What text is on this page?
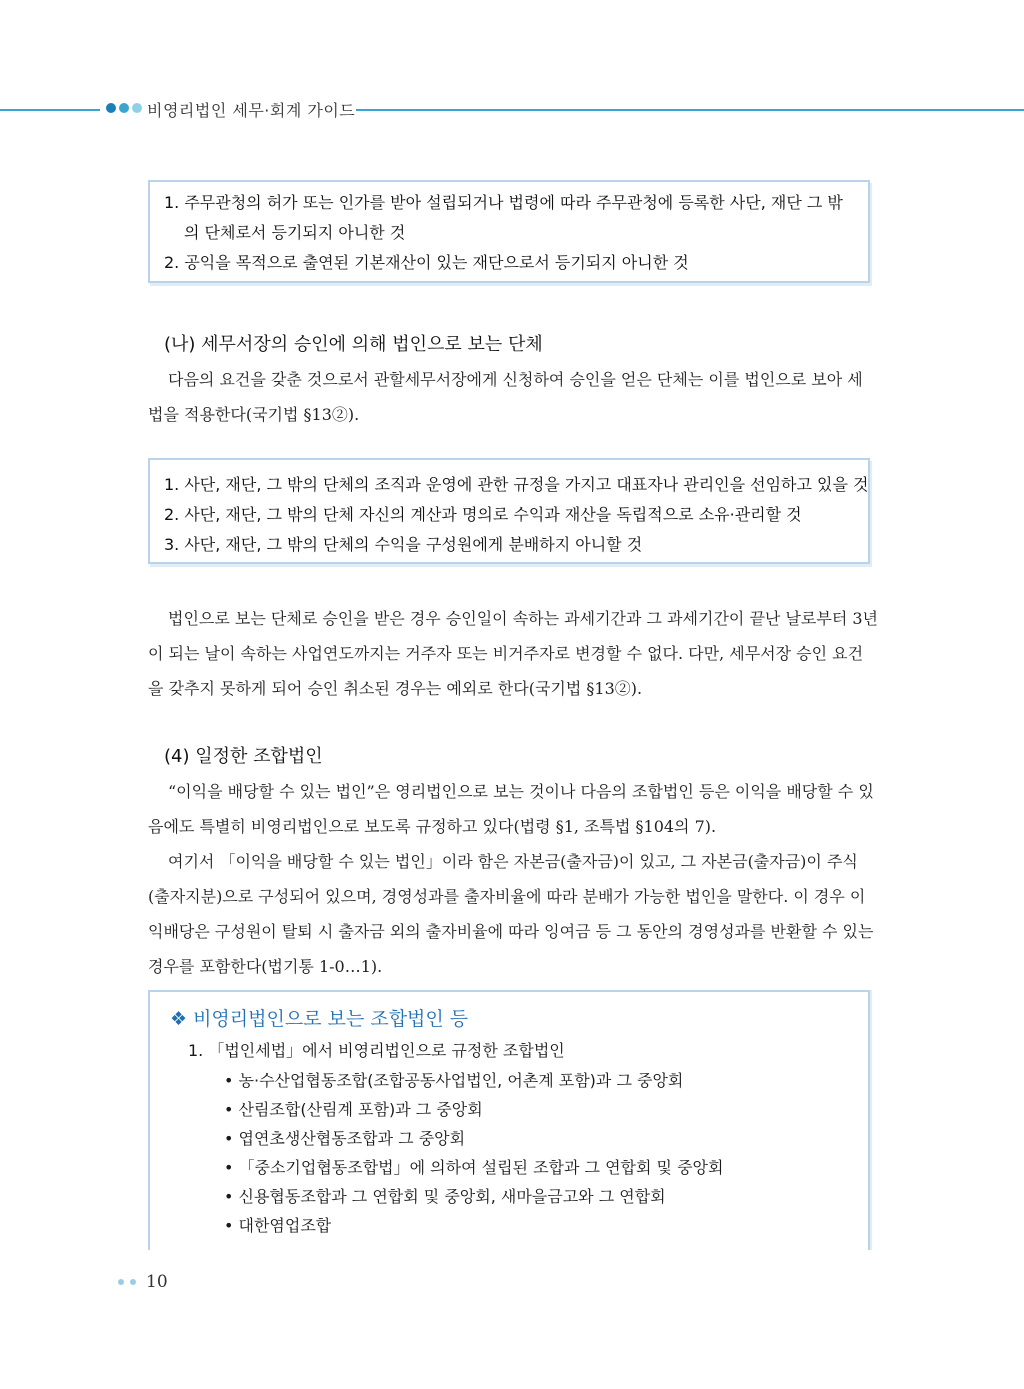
비영리법인 세무·회계 가이드
1. 주무관청의 허가 또는 인가를 받아 설립되거나 법령에 따라 주무관청에 등록한 사단, 재단 그 밖
의 단체로서 등기되지 아니한 것
2. 공익을 목적으로 출연된 기본재산이 있는 재단으로서 등기되지 아니한 것
(나) 세무서장의 승인에 의해 법인으로 보는 단체

다음의 요건을 갖춘 것으로서 관할세무서장에게 신청하여 승인을 얻은 단체는 이를 법인으로 보아 세법을 적용한다(국기법 §13②).

1. 사단, 재단, 그 밖의 단체의 조직과 운영에 관한 규정을 가지고 대표자나 관리인을 선임하고 있을 것
2. 사단, 재단, 그 밖의 단체 자신의 계산과 명의로 수익과 재산을 독립적으로 소유·관리할 것
3. 사단, 재단, 그 밖의 단체의 수익을 구성원에게 분배하지 아니할 것

법인으로 보는 단체로 승인을 받은 경우 승인일이 속하는 과세기간과 그 과세기간이 끝난 날로부터 3년이 되는 날이 속하는 사업연도까지는 거주자 또는 비거주자로 변경할 수 없다. 다만, 세무서장 승인 요건을 갖추지 못하게 되어 승인 취소된 경우는 예외로 한다(국기법 §13②).

(4) 일정한 조합법인

“이익을 배당할 수 있는 법인”은 영리법인으로 보는 것이나 다음의 조합법인 등은 이익을 배당할 수 있음에도 특별히 비영리법인으로 보도록 규정하고 있다(법령 §1, 조특법 §104의 7).

여기서 「이익을 배당할 수 있는 법인」이라 함은 자본금(출자금)이 있고, 그 자본금(출자금)이 주식(출자지분)으로 구성되어 있으며, 경영성과를 출자비율에 따라 분배가 가능한 법인을 말한다. 이 경우 이익배당은 구성원이 탈퇴 시 출자금 외의 출자비율에 따라 잉여금 등 그 동안의 경영성과를 반환할 수 있는 경우를 포함한다(법기통 1-0…1).

❖ 비영리법인으로 보는 조합법인 등
1. 「법인세법」에서 비영리법인으로 규정한 조합법인
• 농·수산업협동조합(조합공동사업법인, 어촌계 포함)과 그 중앙회
• 산림조합(산림계 포함)과 그 중앙회
• 엽연초생산협동조합과 그 중앙회
• 「중소기업협동조합법」에 의하여 설립된 조합과 그 연합회 및 중앙회
• 신용협동조합과 그 연합회 및 중앙회, 새마을금고와 그 연합회
• 대한염업조합
10
